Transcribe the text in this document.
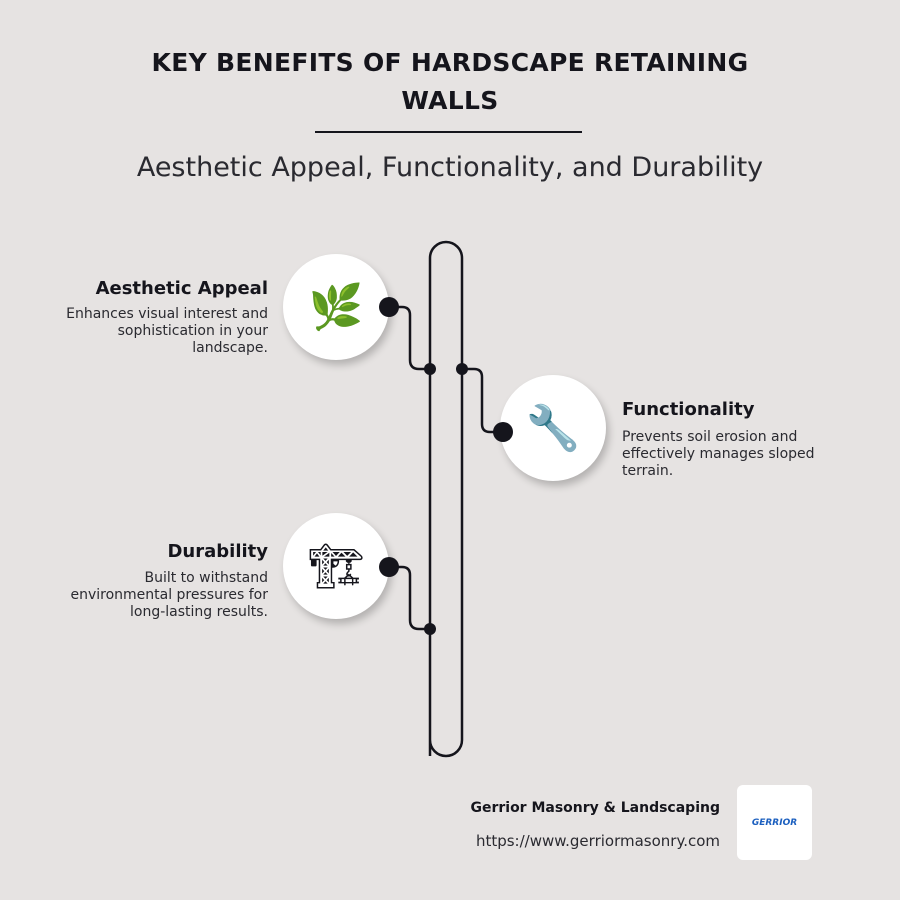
KEY BENEFITS OF HARDSCAPE RETAINING WALLS
Aesthetic Appeal, Functionality, and Durability
🌿
🔧
🏗
Aesthetic Appeal
Enhances visual interest and sophistication in your landscape.
Functionality
Prevents soil erosion and effectively manages sloped terrain.
Durability
Built to withstand environmental pressures for long-lasting results.
Gerrior Masonry & Landscaping
https://www.gerriormasonry.com
GERRIOR
